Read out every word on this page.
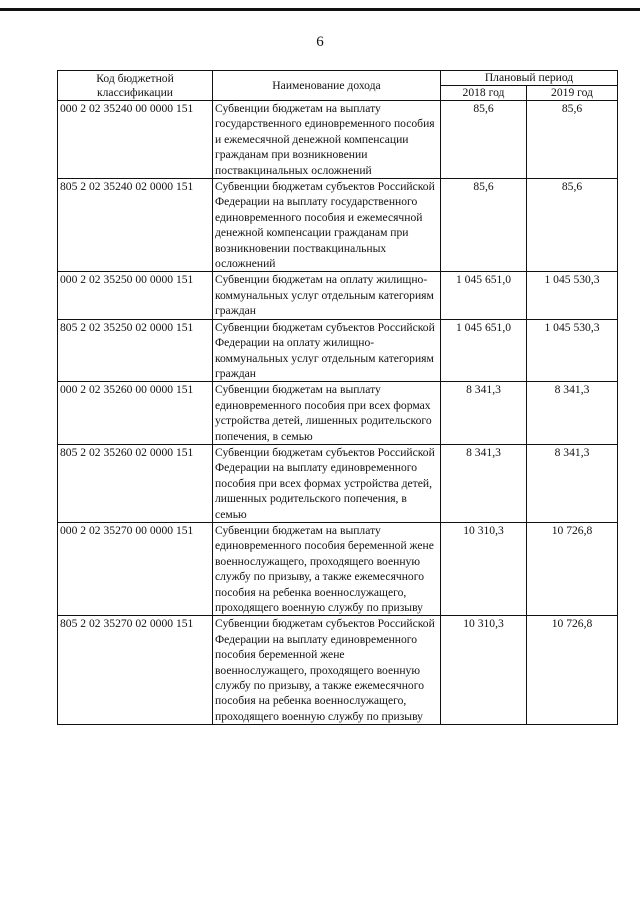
6
Код бюджетной классификации	Наименование дохода	Плановый период	
		2018 год	2019 год
000 2 02 35240 00 0000 151	Субвенции бюджетам на выплату государственного единовременного пособия и ежемесячной денежной компенсации гражданам при возникновении поствакцинальных осложнений	85,6	85,6
805 2 02 35240 02 0000 151	Субвенции бюджетам субъектов Российской Федерации на выплату государственного единовременного пособия и ежемесячной денежной компенсации гражданам при возникновении поствакцинальных осложнений	85,6	85,6
000 2 02 35250 00 0000 151	Субвенции бюджетам на оплату жилищно-коммунальных услуг отдельным категориям граждан	1 045 651,0	1 045 530,3
805 2 02 35250 02 0000 151	Субвенции бюджетам субъектов Российской Федерации на оплату жилищно-коммунальных услуг отдельным категориям граждан	1 045 651,0	1 045 530,3
000 2 02 35260 00 0000 151	Субвенции бюджетам на выплату единовременного пособия при всех формах устройства детей, лишенных родительского попечения, в семью	8 341,3	8 341,3
805 2 02 35260 02 0000 151	Субвенции бюджетам субъектов Российской Федерации на выплату единовременного пособия при всех формах устройства детей, лишенных родительского попечения, в семью	8 341,3	8 341,3
000 2 02 35270 00 0000 151	Субвенции бюджетам на выплату единовременного пособия беременной жене военнослужащего, проходящего военную службу по призыву, а также ежемесячного пособия на ребенка военнослужащего, проходящего военную службу по призыву	10 310,3	10 726,8
805 2 02 35270 02 0000 151	Субвенции бюджетам субъектов Российской Федерации на выплату единовременного пособия беременной жене военнослужащего, проходящего военную службу по призыву, а также ежемесячного пособия на ребенка военнослужащего, проходящего военную службу по призыву	10 310,3	10 726,8
